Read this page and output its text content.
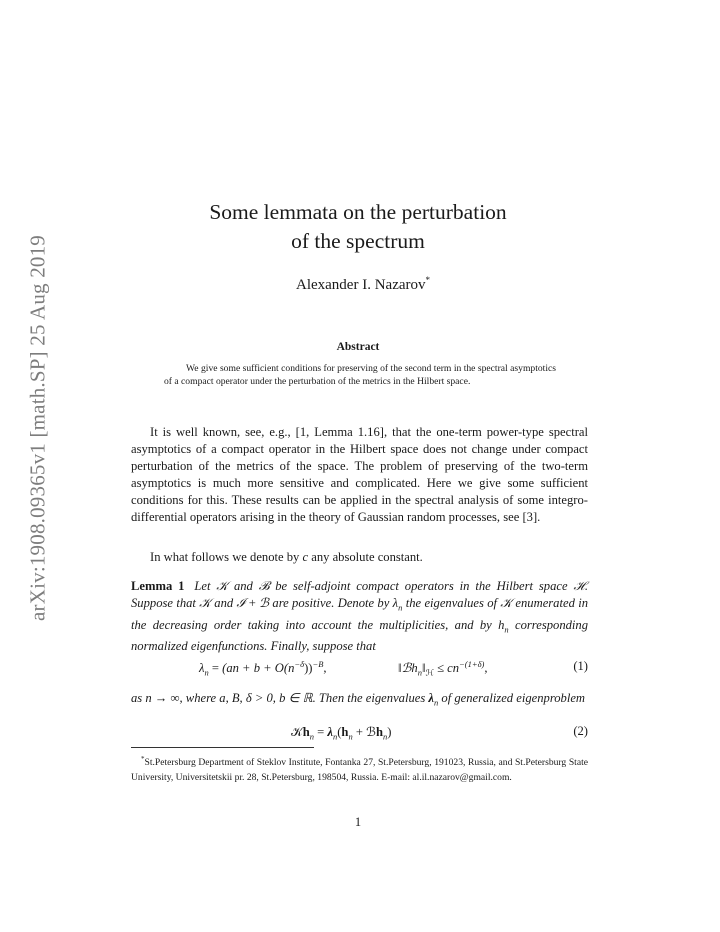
arXiv:1908.09365v1 [math.SP] 25 Aug 2019
Some lemmata on the perturbation
of the spectrum
Alexander I. Nazarov*
Abstract
We give some sufficient conditions for preserving of the second term in the spectral asymptotics of a compact operator under the perturbation of the metrics in the Hilbert space.
It is well known, see, e.g., [1, Lemma 1.16], that the one-term power-type spectral asymptotics of a compact operator in the Hilbert space does not change under compact perturbation of the metrics of the space. The problem of preserving of the two-term asymptotics is much more sensitive and complicated. Here we give some sufficient conditions for this. These results can be applied in the spectral analysis of some integro-differential operators arising in the theory of Gaussian random processes, see [3].
In what follows we denote by c any absolute constant.
Lemma 1 Let 𝒦 and ℬ be self-adjoint compact operators in the Hilbert space ℋ. Suppose that 𝒦 and ℐ + ℬ are positive. Denote by $\lambda_n$ the eigenvalues of 𝒦 enumerated in the decreasing order taking into account the multiplicities, and by $h_n$ corresponding normalized eigenfunctions. Finally, suppose that
$\lambda_n = (an + b + O(n^{-\delta}))^{-B}$,	$‖ℬh_n‖_ℋ \le cn^{-(1+\delta)}$,	(1)
as n → ∞, where a, B, δ > 0, b ∈ ℝ. Then the eigenvalues $\lambda_n$ of generalized eigenproblem
𝒦h$_n$ = $\lambda_n(h_n$ + ℬh$_n$)	(2)
*St.Petersburg Department of Steklov Institute, Fontanka 27, St.Petersburg, 191023, Russia, and St.Petersburg State University, Universitetskii pr. 28, St.Petersburg, 198504, Russia. E-mail: al.il.nazarov@gmail.com.
1
